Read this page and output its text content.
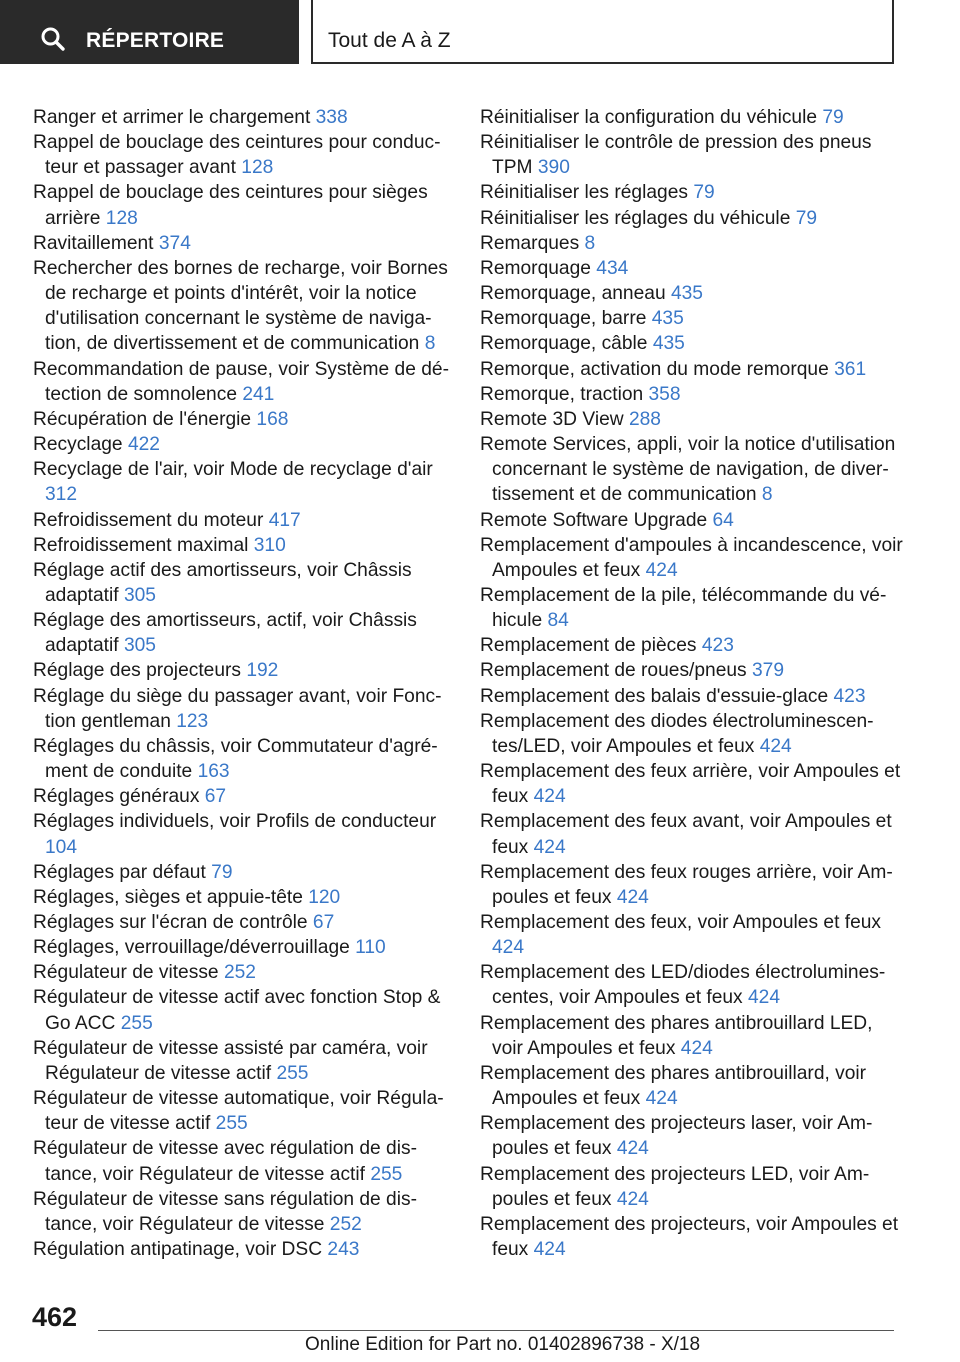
RÉPERTOIRE	Tout de A à Z
Ranger et arrimer le chargement 338
Rappel de bouclage des ceintures pour conducteur et passager avant 128
Rappel de bouclage des ceintures pour sièges arrière 128
Ravitaillement 374
Rechercher des bornes de recharge, voir Bornes de recharge et points d'intérêt, voir la notice d'utilisation concernant le système de navigation, de divertissement et de communication 8
Recommandation de pause, voir Système de détection de somnolence 241
Récupération de l'énergie 168
Recyclage 422
Recyclage de l'air, voir Mode de recyclage d'air 312
Refroidissement du moteur 417
Refroidissement maximal 310
Réglage actif des amortisseurs, voir Châssis adaptatif 305
Réglage des amortisseurs, actif, voir Châssis adaptatif 305
Réglage des projecteurs 192
Réglage du siège du passager avant, voir Fonction gentleman 123
Réglages du châssis, voir Commutateur d'agrément de conduite 163
Réglages généraux 67
Réglages individuels, voir Profils de conducteur 104
Réglages par défaut 79
Réglages, sièges et appuie-tête 120
Réglages sur l'écran de contrôle 67
Réglages, verrouillage/déverrouillage 110
Régulateur de vitesse 252
Régulateur de vitesse actif avec fonction Stop & Go ACC 255
Régulateur de vitesse assisté par caméra, voir Régulateur de vitesse actif 255
Régulateur de vitesse automatique, voir Régulateur de vitesse actif 255
Régulateur de vitesse avec régulation de distance, voir Régulateur de vitesse actif 255
Régulateur de vitesse sans régulation de distance, voir Régulateur de vitesse 252
Régulation antipatinage, voir DSC 243
Réinitialiser la configuration du véhicule 79
Réinitialiser le contrôle de pression des pneus TPM 390
Réinitialiser les réglages 79
Réinitialiser les réglages du véhicule 79
Remarques 8
Remorquage 434
Remorquage, anneau 435
Remorquage, barre 435
Remorquage, câble 435
Remorque, activation du mode remorque 361
Remorque, traction 358
Remote 3D View 288
Remote Services, appli, voir la notice d'utilisation concernant le système de navigation, de divertissement et de communication 8
Remote Software Upgrade 64
Remplacement d'ampoules à incandescence, voir Ampoules et feux 424
Remplacement de la pile, télécommande du véhicule 84
Remplacement de pièces 423
Remplacement de roues/pneus 379
Remplacement des balais d'essuie-glace 423
Remplacement des diodes électroluminescentes/LED, voir Ampoules et feux 424
Remplacement des feux arrière, voir Ampoules et feux 424
Remplacement des feux avant, voir Ampoules et feux 424
Remplacement des feux rouges arrière, voir Ampoules et feux 424
Remplacement des feux, voir Ampoules et feux 424
Remplacement des LED/diodes électroluminescentes, voir Ampoules et feux 424
Remplacement des phares antibrouillard LED, voir Ampoules et feux 424
Remplacement des phares antibrouillard, voir Ampoules et feux 424
Remplacement des projecteurs laser, voir Ampoules et feux 424
Remplacement des projecteurs LED, voir Ampoules et feux 424
Remplacement des projecteurs, voir Ampoules et feux 424
462
Online Edition for Part no. 01402896738 - X/18
